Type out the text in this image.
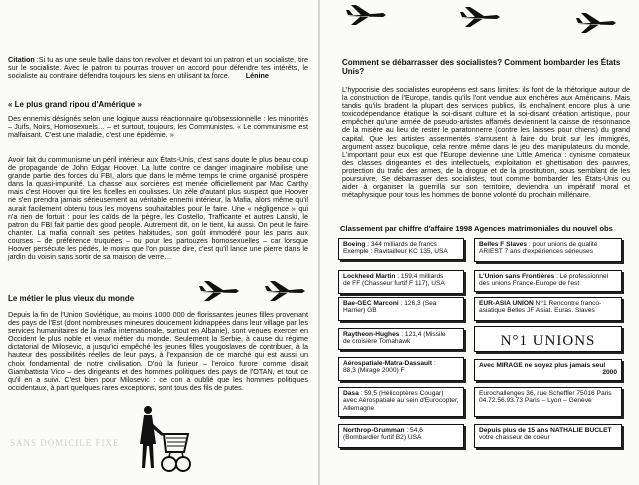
Citation :Si tu as une seule balle dans ton revolver et devant toi un patron et un socialiste, tire sur le socialiste. Avec le patron tu pourras trouver un accord pour défendre tes intérêts, le socialiste au contraire défendra toujours les siens en utilisant ta force. Lénine

« Le plus grand ripou d'Amérique »

Des ennemis désignés selon une logique aussi réactionnaire qu'obsessionnelle : les minorités – Juifs, Noirs, Homosexuels… – et surtout, toujours, les Communistes. « Le communisme est malfaisant. C'est une maladie, c'est une épidémie. »

Avoir fait du communisme un péril intérieur aux États-Unis, c'est sans doute le plus beau coup de propagande de John Edgar Hoover. La lutte contre ce danger imaginaire mobilise une grande partie des forces du FBI, alors que dans le même temps le crime organisé prospère dans la quasi-impunité. La chasse aux sorcières est menée officiellement par Mac Carthy mais c'est Hoover qui tire les ficelles en coulisses. Un zèle d'autant plus suspect que Hoover ne s'en prendra jamais sérieusement au véritable ennemi intérieur, la Mafia, alors même qu'il aurait facilement obtenu tous les moyens souhaitables pour le faire. Une « négligence » qui n'a rien de fortuit : pour les caïds de la pègre, les Costello, Trafficante et autres Lanski, le patron du FBI fait partie des good people. Autrement dit, on le tient, lui aussi. On peut le faire chanter. La mafia connaît ses petites habitudes, son goût immodéré pour les paris aux courses – de préférence truquées – ou pour les partouzes homosexuelles – car lorsque Hoover persécute les pédés, le moins que l'on puisse dire, c'est qu'il lance une pierre dans le jardin du voisin sans sortir de sa maison de verre…

Le métier le plus vieux du monde

Depuis la fin de l'Union Soviétique, au moins 1000 000 de florissantes jeunes filles provenant des pays de l'Est (dont nombreuses mineures doucement kidnappées dans leur village par les services humanitaires de la mafia internationale, surtout en Albanie), sont venues exercer en Occident le plus noble et vieux métier du monde. Seulement la Serbie, à cause du régime dictatorial de Milosevic, a jusqu'ici empêché les jeunes filles yougoslaves de contribuer, à la hauteur des possibilités réelles de leur pays, à l'expansion de ce marché qui est aussi un choix fondamental de notre civilisation. D'où la furieur – l'eroico furore comme disait Giambattista Vico – des dirigeants et des hommes politiques des pays de l'OTAN, et tout ce qu'il en a suivi. C'est bien pour Milosevic : ce con a oublié que les hommes politiques occidentaux, à part quelques rares exceptions, sont tous des fils de putes.

SANS DOMICILE FIXE

Comment se débarrasser des socialistes? Comment bombarder les États Unis?

L'hypocrisie des socialistes européens est sans limites: ils font de la rhétorique autour de la construction de l'Europe, tandis qu'ils l'ont vendue aux enchères aux Américains. Mais tandis qu'ils bradent la plupart des services publics, ils enchaînent encore plus à une toxicodépendance étatique la soi-disant culture et la soi-disant création artistique, pour empêcher qu'une armée de pseudo-artistes affamés deviennent la caisse de résonnance de la misère au lieu de rester le paratonnerre (contre les laisses pour chiens) du grand capital. Que les artistes assermentés s'amusent à faire du bruit sur les immigrés, argument assez bucolique, cela rentre même dans le jeu des manipulateurs du monde. L'important pour eux est que l'Europe devienne une Little America : cynisme comateux des classes dirigeantes et des intellectuels, exploitation et ghettisation des pauvres, protection du trafic des armes, de la drogue et de la prostitution, sous semblant de les poursuivre. Se débarrasser des socialistes, tout comme bombarder les États-Unis ou aider à organiser la guerrilla sur son territoire, deviendra un impératif moral et métaphysique pour tous les hommes de bonne volonté du prochain millénaire.

Classement par chiffre d'affaire 1998 Agences matrimoniales du nouvel obs

Boeing : 344 milliards de francs
Exemple : Ravitailleur KC 135, USA
Lockheed Martin : 159,4 milliards
de FF (Chasseur furtif F 117), USA
Bae-GEC Marconi : 126,3 (Sea
Harrier) GB
Raytheon-Hughes : 121,4 (Missile
de croisière Tomahawk
Aérospatiale-Matra-Dassault :
88,3 (Mirage 2000) F
Dasa : 59,5 (Hélicoptères Cougar)
avec Aérospatiale au sein d'Eurocopter, Allemagne
Northrop-Grumman : 54,6
(Bombardier furtif B2) USA
Belles F Slaves : pour unions de qualité ARIEST 7 ans d'expériences sérieuses
L'Union sans Frontières : Le professionnel des unions France-Europe de l'est
EUR-ASIA UNION N°1 Rencontre franco-asiatique Belles JF Asiat. Euras. Slaves
N°1 UNIONS
Avec MIRAGE ne soyez plus jamais seul
2000
Eurochallenges 36, rue Scheffler 75016 Paris 04.72.56.93.73 Paris – Lyon – Genève
Depuis plus de 15 ans NATHALIE BUCLET votre chasseur de coeur
